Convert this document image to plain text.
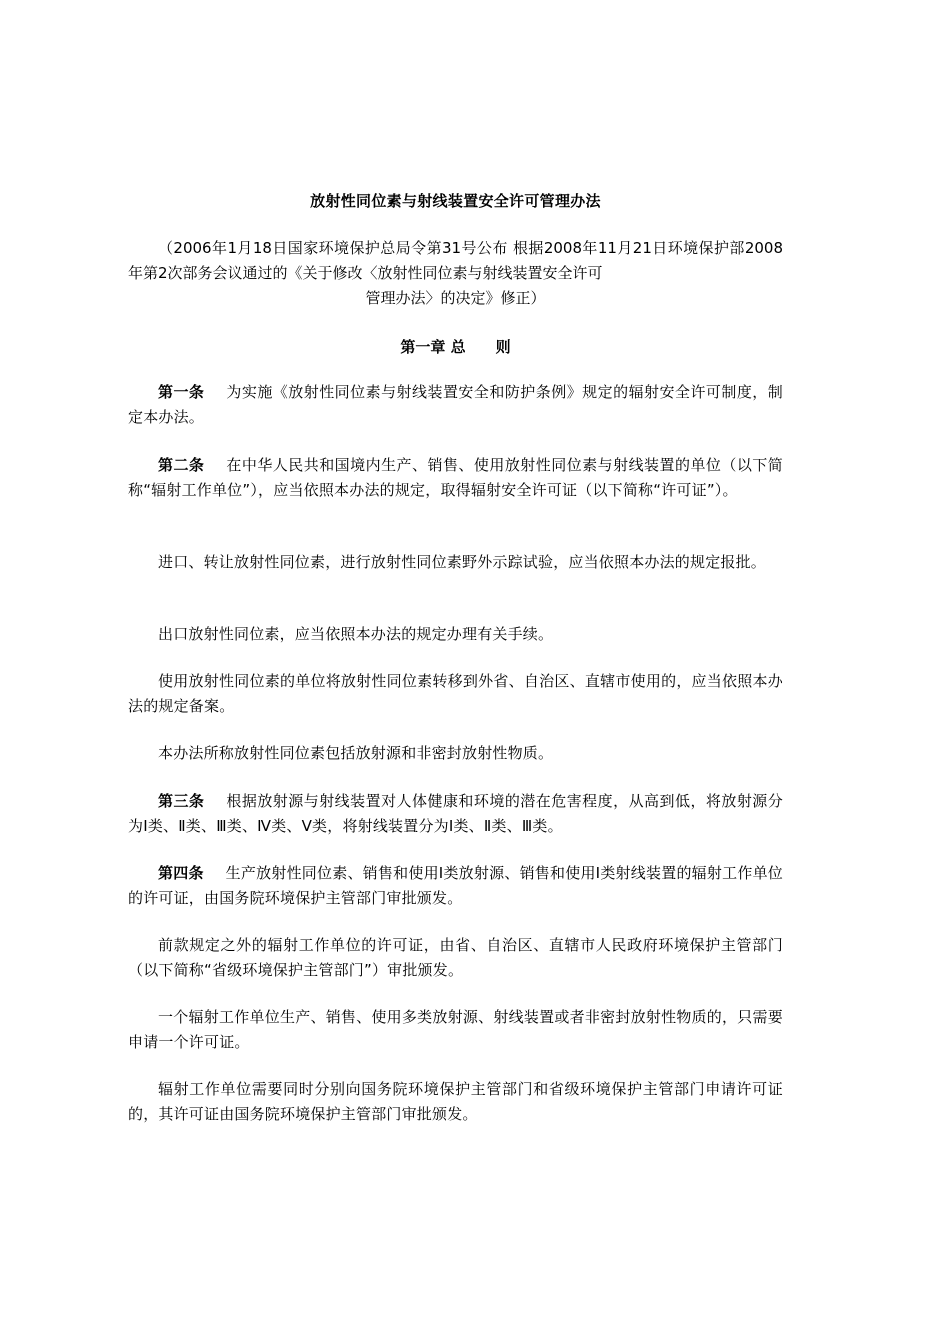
放射性同位素与射线装置安全许可管理办法
（2006年1月18日国家环境保护总局令第31号公布 根据2008年11月21日环境保护部2008年第2次部务会议通过的《关于修改〈放射性同位素与射线装置安全许可
管理办法〉的决定》修正）
第一章 总　　则
第一条 为实施《放射性同位素与射线装置安全和防护条例》规定的辐射安全许可制度，制定本办法。
第二条 在中华人民共和国境内生产、销售、使用放射性同位素与射线装置的单位（以下简称“辐射工作单位”），应当依照本办法的规定，取得辐射安全许可证（以下简称“许可证”）。
进口、转让放射性同位素，进行放射性同位素野外示踪试验，应当依照本办法的规定报批。
出口放射性同位素，应当依照本办法的规定办理有关手续。
使用放射性同位素的单位将放射性同位素转移到外省、自治区、直辖市使用的，应当依照本办法的规定备案。
本办法所称放射性同位素包括放射源和非密封放射性物质。
第三条 根据放射源与射线装置对人体健康和环境的潜在危害程度，从高到低，将放射源分为Ⅰ类、Ⅱ类、Ⅲ类、Ⅳ类、Ⅴ类，将射线装置分为Ⅰ类、Ⅱ类、Ⅲ类。
第四条 生产放射性同位素、销售和使用Ⅰ类放射源、销售和使用Ⅰ类射线装置的辐射工作单位的许可证，由国务院环境保护主管部门审批颁发。
前款规定之外的辐射工作单位的许可证，由省、自治区、直辖市人民政府环境保护主管部门（以下简称“省级环境保护主管部门”）审批颁发。
一个辐射工作单位生产、销售、使用多类放射源、射线装置或者非密封放射性物质的，只需要申请一个许可证。
辐射工作单位需要同时分别向国务院环境保护主管部门和省级环境保护主管部门申请许可证的，其许可证由国务院环境保护主管部门审批颁发。
